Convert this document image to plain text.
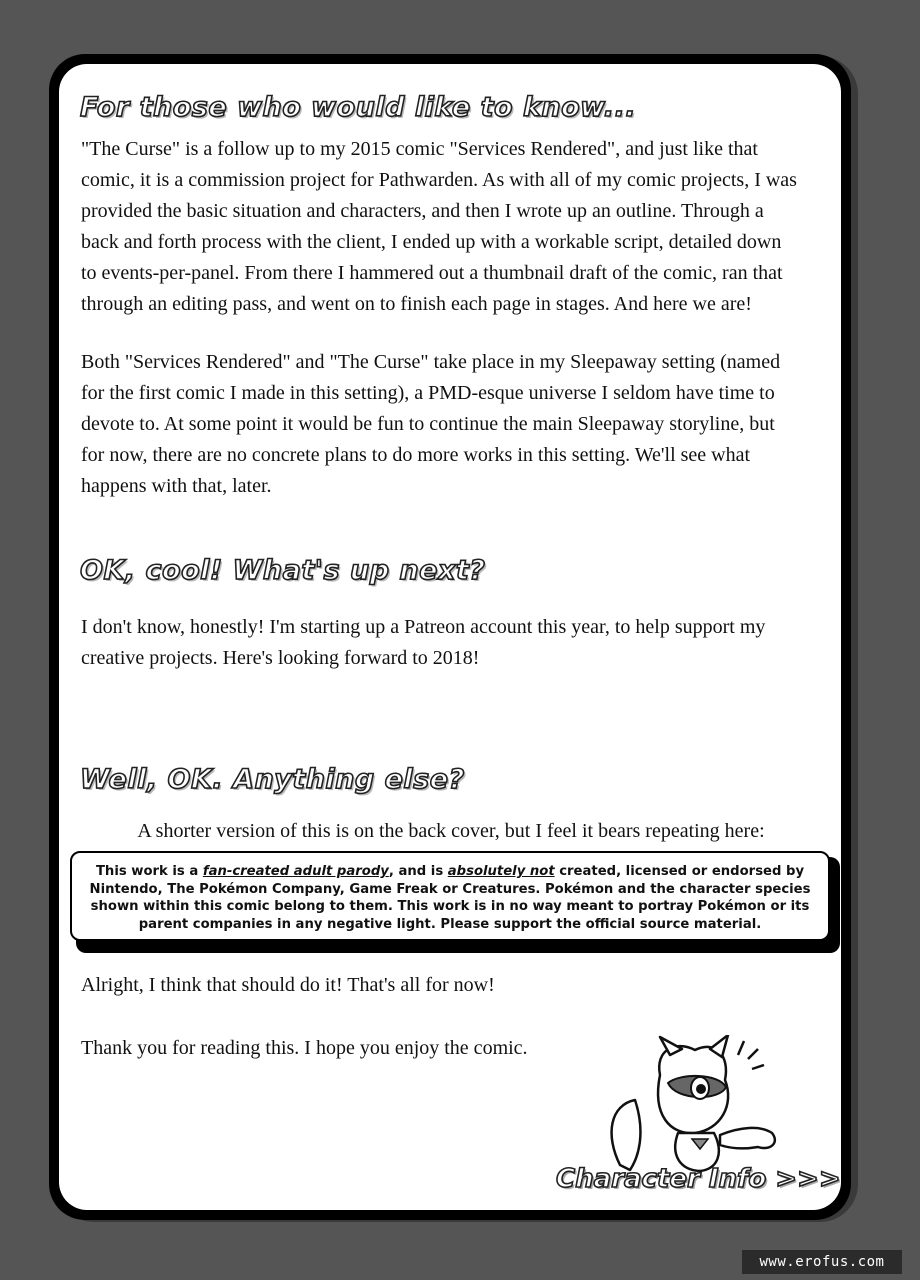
For those who would like to know...
"The Curse" is a follow up to my 2015 comic "Services Rendered", and just like that
comic, it is a commission project for Pathwarden. As with all of my comic projects, I was
provided the basic situation and characters, and then I wrote up an outline. Through a
back and forth process with the client, I ended up with a workable script, detailed down
to events-per-panel. From there I hammered out a thumbnail draft of the comic, ran that
through an editing pass, and went on to finish each page in stages. And here we are!
Both "Services Rendered" and "The Curse" take place in my Sleepaway setting (named
for the first comic I made in this setting), a PMD-esque universe I seldom have time to
devote to. At some point it would be fun to continue the main Sleepaway storyline, but
for now, there are no concrete plans to do more works in this setting. We'll see what
happens with that, later.
OK, cool! What's up next?
I don't know, honestly! I'm starting up a Patreon account this year, to help support my
creative projects. Here's looking forward to 2018!
Well, OK. Anything else?
A shorter version of this is on the back cover, but I feel it bears repeating here:
This work is a fan-created adult parody, and is absolutely not created, licensed or endorsed by Nintendo, The Pokémon Company, Game Freak or Creatures. Pokémon and the character species shown within this comic belong to them. This work is in no way meant to portray Pokémon or its parent companies in any negative light. Please support the official source material.
Alright, I think that should do it! That's all for now!
Thank you for reading this. I hope you enjoy the comic.
Character Info >>>
www.erofus.com
